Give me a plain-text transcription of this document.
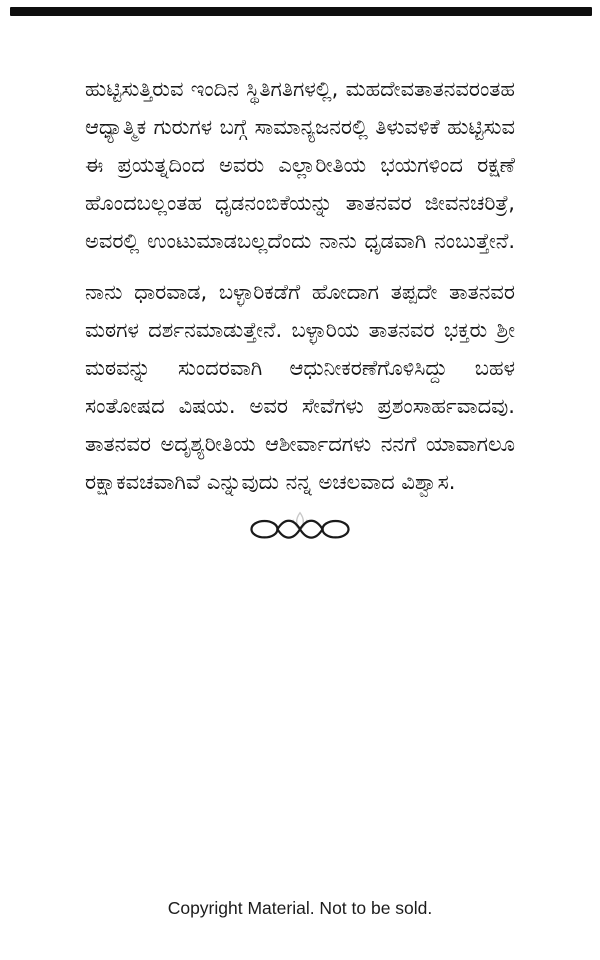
ಹುಟ್ಟಿಸುತ್ತಿರುವ ಇಂದಿನ ಸ್ಥಿತಿಗತಿಗಳಲ್ಲಿ, ಮಹದೇವತಾತನವರಂತಹ
ಆಧ್ಯಾತ್ಮಿಕ ಗುರುಗಳ ಬಗ್ಗೆ ಸಾಮಾನ್ಯಜನರಲ್ಲಿ ತಿಳುವಳಿಕೆ ಹುಟ್ಟಿಸುವ
ಈ ಪ್ರಯತ್ನದಿಂದ ಅವರು ಎಲ್ಲಾರೀತಿಯ ಭಯಗಳಿಂದ ರಕ್ಷಣೆ
ಹೊಂದಬಲ್ಲಂತಹ ಧೃಡನಂಬಿಕೆಯನ್ನು ತಾತನವರ ಜೀವನಚರಿತ್ರೆ,
ಅವರಲ್ಲಿ ಉಂಟುಮಾಡಬಲ್ಲದೆಂದು ನಾನು ಧೃಡವಾಗಿ ನಂಬುತ್ತೇನೆ.
ನಾನು ಧಾರವಾಡ, ಬಳ್ಳಾರಿಕಡೆಗೆ ಹೋದಾಗ ತಪ್ಪದೇ ತಾತನವರ
ಮಠಗಳ ದರ್ಶನಮಾಡುತ್ತೇನೆ. ಬಳ್ಳಾರಿಯ ತಾತನವರ ಭಕ್ತರು ಶ್ರೀ
ಮಠವನ್ನು ಸುಂದರವಾಗಿ ಆಧುನೀಕರಣೆಗೊಳಿಸಿದ್ದು ಬಹಳ
ಸಂತೋಷದ ವಿಷಯ. ಅವರ ಸೇವೆಗಳು ಪ್ರಶಂಸಾರ್ಹವಾದವು.
ತಾತನವರ ಅದೃಶ್ಯರೀತಿಯ ಆಶೀರ್ವಾದಗಳು ನನಗೆ ಯಾವಾಗಲೂ
ರಕ್ಷಾಕವಚವಾಗಿವೆ ಎನ್ನುವುದು ನನ್ನ ಅಚಲವಾದ ವಿಶ್ವಾಸ.
Copyright Material. Not to be sold.
